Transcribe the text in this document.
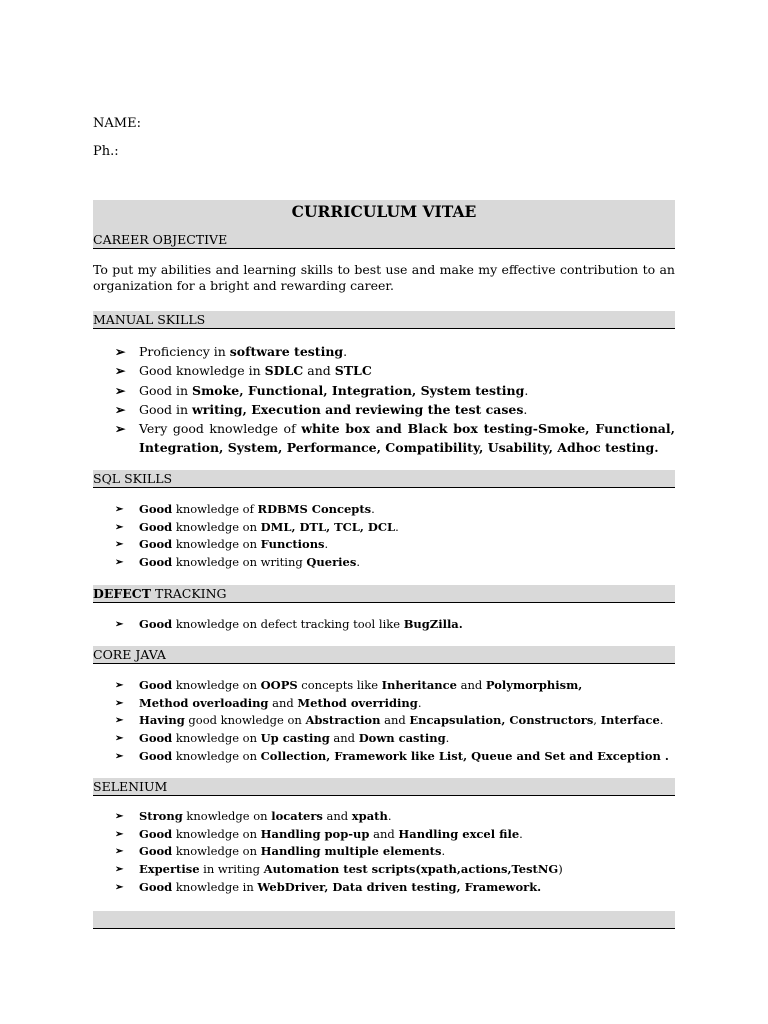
NAME:
Ph.:
CURRICULUM VITAE
CAREER OBJECTIVE
To put my abilities and learning skills to best use and make my effective contribution to an organization for a bright and rewarding career.
MANUAL SKILLS
➢ Proficiency in software testing.
➢ Good knowledge in SDLC and STLC
➢ Good in Smoke, Functional, Integration, System testing.
➢ Good in writing, Execution and reviewing the test cases.
➢ Very good knowledge of white box and Black box testing-Smoke, Functional, Integration, System, Performance, Compatibility, Usability, Adhoc testing.
SQL SKILLS
➢ Good knowledge of RDBMS Concepts.
➢ Good knowledge on DML, DTL, TCL, DCL.
➢ Good knowledge on Functions.
➢ Good knowledge on writing Queries.
DEFECT TRACKING
➢ Good knowledge on defect tracking tool like BugZilla.
CORE JAVA
➢ Good knowledge on OOPS concepts like Inheritance and Polymorphism,
➢ Method overloading and Method overriding.
➢ Having good knowledge on Abstraction and Encapsulation, Constructors, Interface.
➢ Good knowledge on Up casting and Down casting.
➢ Good knowledge on Collection, Framework like List, Queue and Set and Exception .
SELENIUM
➢ Strong knowledge on locaters and xpath.
➢ Good knowledge on Handling pop-up and Handling excel file.
➢ Good knowledge on Handling multiple elements.
➢ Expertise in writing Automation test scripts(xpath,actions,TestNG)
➢ Good knowledge in WebDriver, Data driven testing, Framework.
